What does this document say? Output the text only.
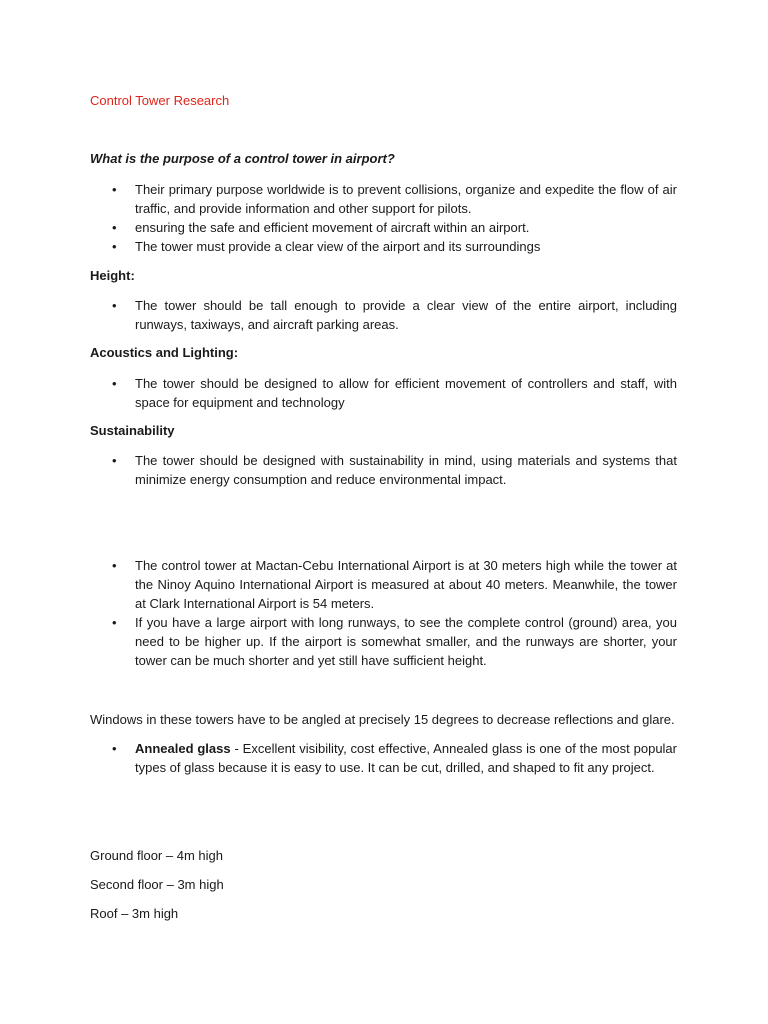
Control Tower Research

What is the purpose of a control tower in airport?

• Their primary purpose worldwide is to prevent collisions, organize and expedite the flow of air traffic, and provide information and other support for pilots.
• ensuring the safe and efficient movement of aircraft within an airport.
• The tower must provide a clear view of the airport and its surroundings

Height:

• The tower should be tall enough to provide a clear view of the entire airport, including runways, taxiways, and aircraft parking areas.

Acoustics and Lighting:

• The tower should be designed to allow for efficient movement of controllers and staff, with space for equipment and technology

Sustainability

• The tower should be designed with sustainability in mind, using materials and systems that minimize energy consumption and reduce environmental impact.
• The control tower at Mactan-Cebu International Airport is at 30 meters high while the tower at the Ninoy Aquino International Airport is measured at about 40 meters. Meanwhile, the tower at Clark International Airport is 54 meters.
• If you have a large airport with long runways, to see the complete control (ground) area, you need to be higher up. If the airport is somewhat smaller, and the runways are shorter, your tower can be much shorter and yet still have sufficient height.

Windows in these towers have to be angled at precisely 15 degrees to decrease reflections and glare.

• Annealed glass - Excellent visibility, cost effective, Annealed glass is one of the most popular types of glass because it is easy to use. It can be cut, drilled, and shaped to fit any project.

Ground floor – 4m high

Second floor – 3m high

Roof – 3m high
